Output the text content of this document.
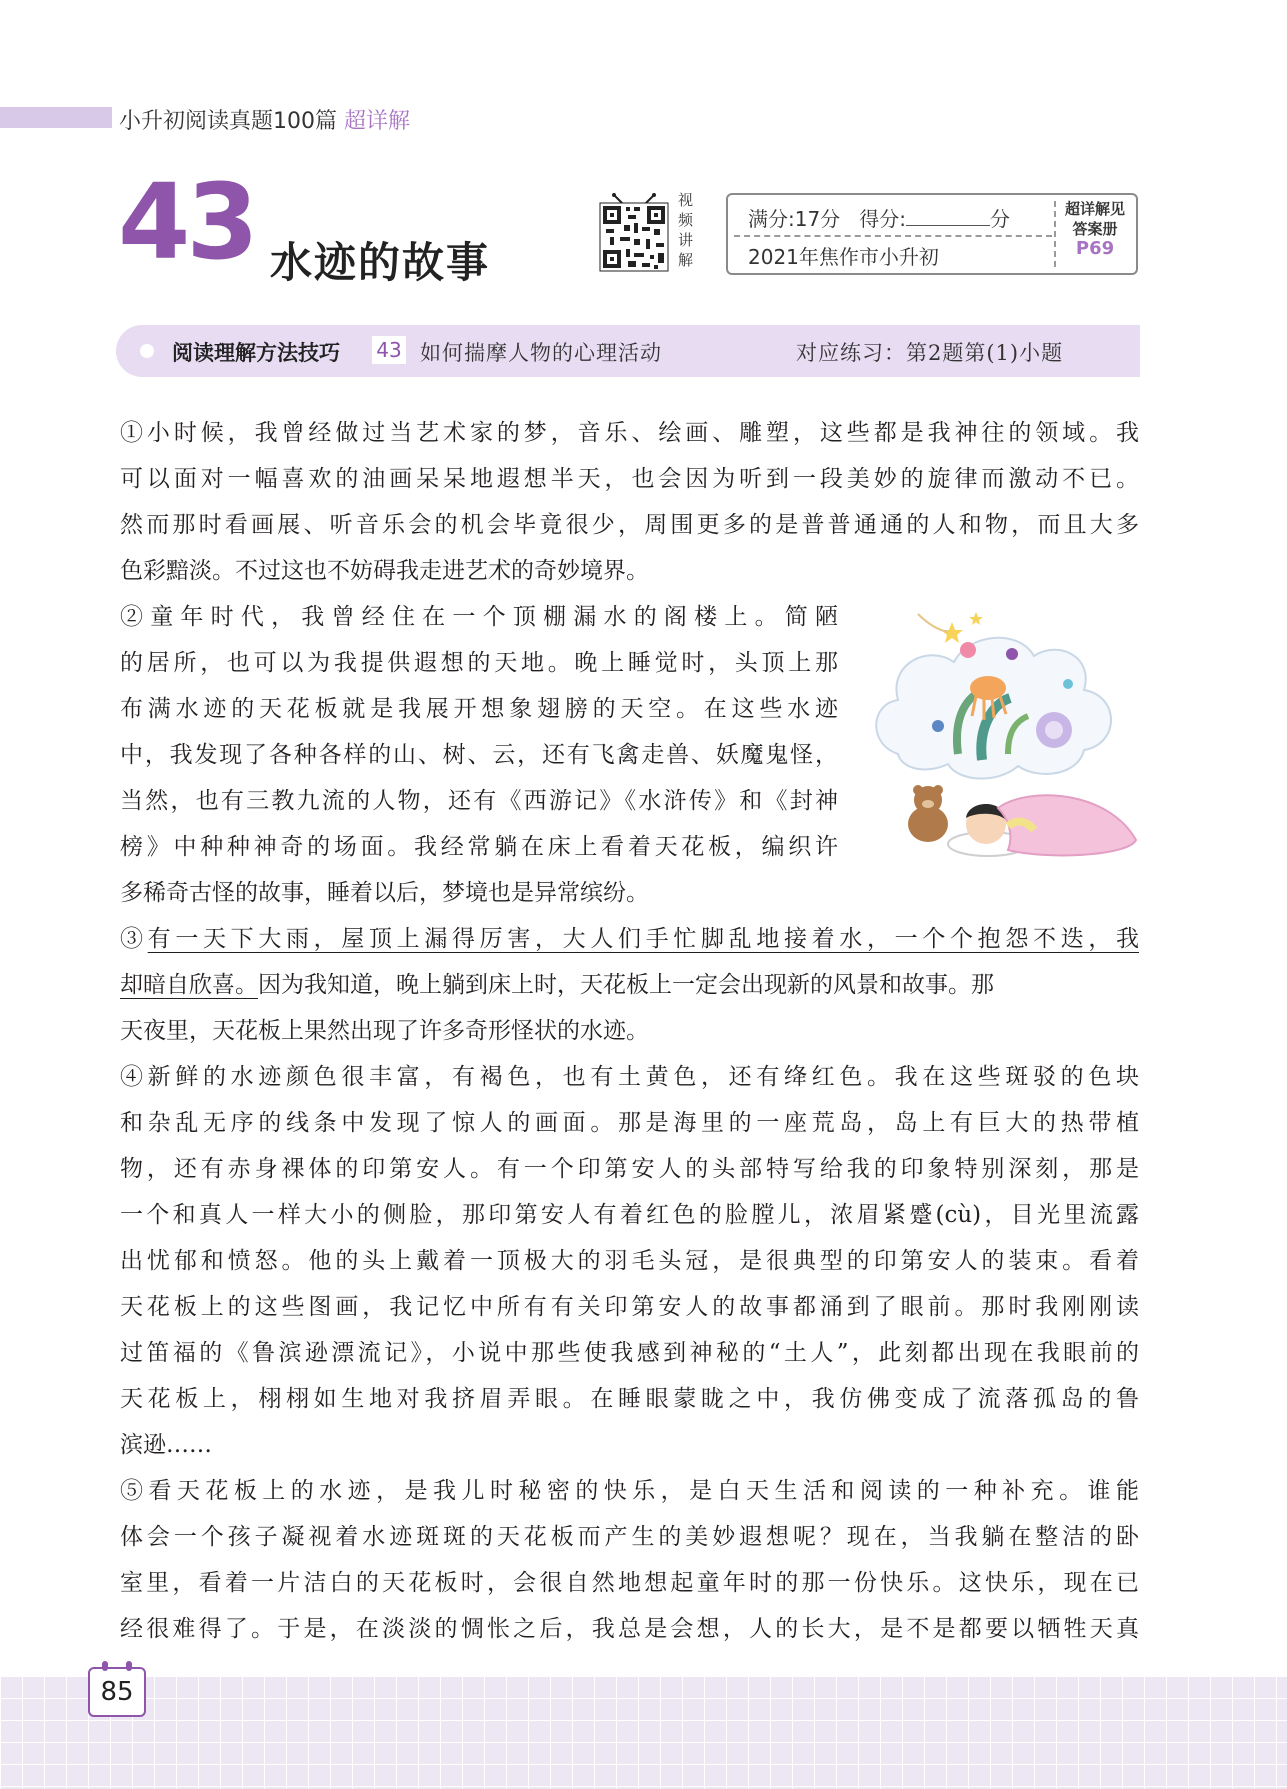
小升初阅读真题100篇 超详解
43 水迹的故事
视频讲解
满分:17分 得分:	分
2021年焦作市小升初
超详解见
答案册
P69
阅读理解方法技巧 43 如何揣摩人物的心理活动	对应练习：第2题第(1)小题
①小时候，我曾经做过当艺术家的梦，音乐、绘画、雕塑，这些都是我神往的领域。我
可以面对一幅喜欢的油画呆呆地遐想半天，也会因为听到一段美妙的旋律而激动不已。
然而那时看画展、听音乐会的机会毕竟很少，周围更多的是普普通通的人和物，而且大多
色彩黯淡。不过这也不妨碍我走进艺术的奇妙境界。
②童年时代，我曾经住在一个顶棚漏水的阁楼上。简陋
的居所，也可以为我提供遐想的天地。晚上睡觉时，头顶上那
布满水迹的天花板就是我展开想象翅膀的天空。在这些水迹
中，我发现了各种各样的山、树、云，还有飞禽走兽、妖魔鬼怪，
当然，也有三教九流的人物，还有《西游记》《水浒传》和《封神
榜》中种种神奇的场面。我经常躺在床上看着天花板，编织许
多稀奇古怪的故事，睡着以后，梦境也是异常缤纷。
③有一天下大雨，屋顶上漏得厉害，大人们手忙脚乱地接着水，一个个抱怨不迭，我
却暗自欣喜。因为我知道，晚上躺到床上时，天花板上一定会出现新的风景和故事。那
天夜里，天花板上果然出现了许多奇形怪状的水迹。
④新鲜的水迹颜色很丰富，有褐色，也有土黄色，还有绛红色。我在这些斑驳的色块
和杂乱无序的线条中发现了惊人的画面。那是海里的一座荒岛，岛上有巨大的热带植
物，还有赤身裸体的印第安人。有一个印第安人的头部特写给我的印象特别深刻，那是
一个和真人一样大小的侧脸，那印第安人有着红色的脸膛儿，浓眉紧蹙(cù)，目光里流露
出忧郁和愤怒。他的头上戴着一顶极大的羽毛头冠，是很典型的印第安人的装束。看着
天花板上的这些图画，我记忆中所有有关印第安人的故事都涌到了眼前。那时我刚刚读
过笛福的《鲁滨逊漂流记》，小说中那些使我感到神秘的“土人”，此刻都出现在我眼前的
天花板上，栩栩如生地对我挤眉弄眼。在睡眼蒙眬之中，我仿佛变成了流落孤岛的鲁
滨逊……
⑤看天花板上的水迹，是我儿时秘密的快乐，是白天生活和阅读的一种补充。谁能
体会一个孩子凝视着水迹斑斑的天花板而产生的美妙遐想呢？现在，当我躺在整洁的卧
室里，看着一片洁白的天花板时，会很自然地想起童年时的那一份快乐。这快乐，现在已
经很难得了。于是，在淡淡的惆怅之后，我总是会想，人的长大，是不是都要以牺牲天真
85
